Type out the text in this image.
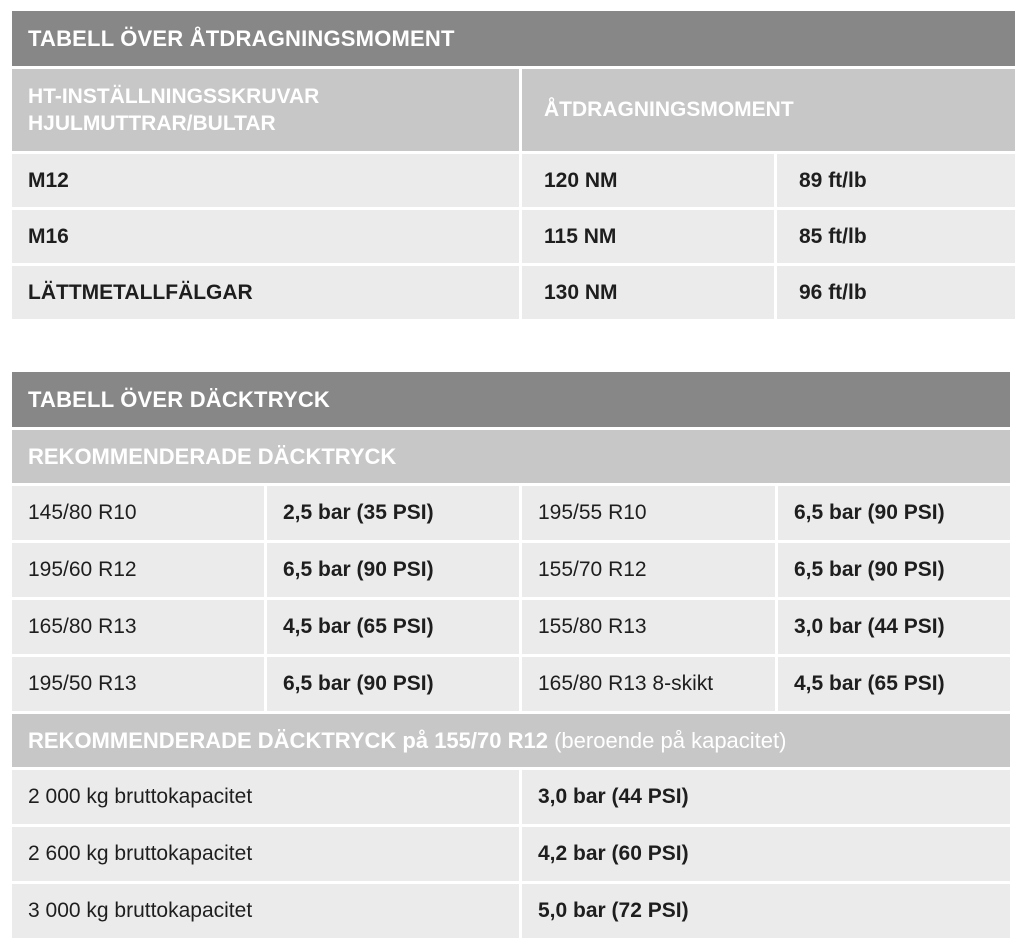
TABELL ÖVER ÅTDRAGNINGSMOMENT
HT-INSTÄLLNINGSSKRUVAR
HJULMUTTRAR/BULTAR
ÅTDRAGNINGSMOMENT
M12	120 NM	89 ft/lb
M16	115 NM	85 ft/lb
LÄTTMETALLFÄLGAR	130 NM	96 ft/lb
TABELL ÖVER DÄCKTRYCK
REKOMMENDERADE DÄCKTRYCK
145/80 R10	2,5 bar (35 PSI)	195/55 R10	6,5 bar (90 PSI)
195/60 R12	6,5 bar (90 PSI)	155/70 R12	6,5 bar (90 PSI)
165/80 R13	4,5 bar (65 PSI)	155/80 R13	3,0 bar (44 PSI)
195/50 R13	6,5 bar (90 PSI)	165/80 R13 8-skikt	4,5 bar (65 PSI)
REKOMMENDERADE DÄCKTRYCK på 155/70 R12 (beroende på kapacitet)
2 000 kg bruttokapacitet	3,0 bar (44 PSI)
2 600 kg bruttokapacitet	4,2 bar (60 PSI)
3 000 kg bruttokapacitet	5,0 bar (72 PSI)
